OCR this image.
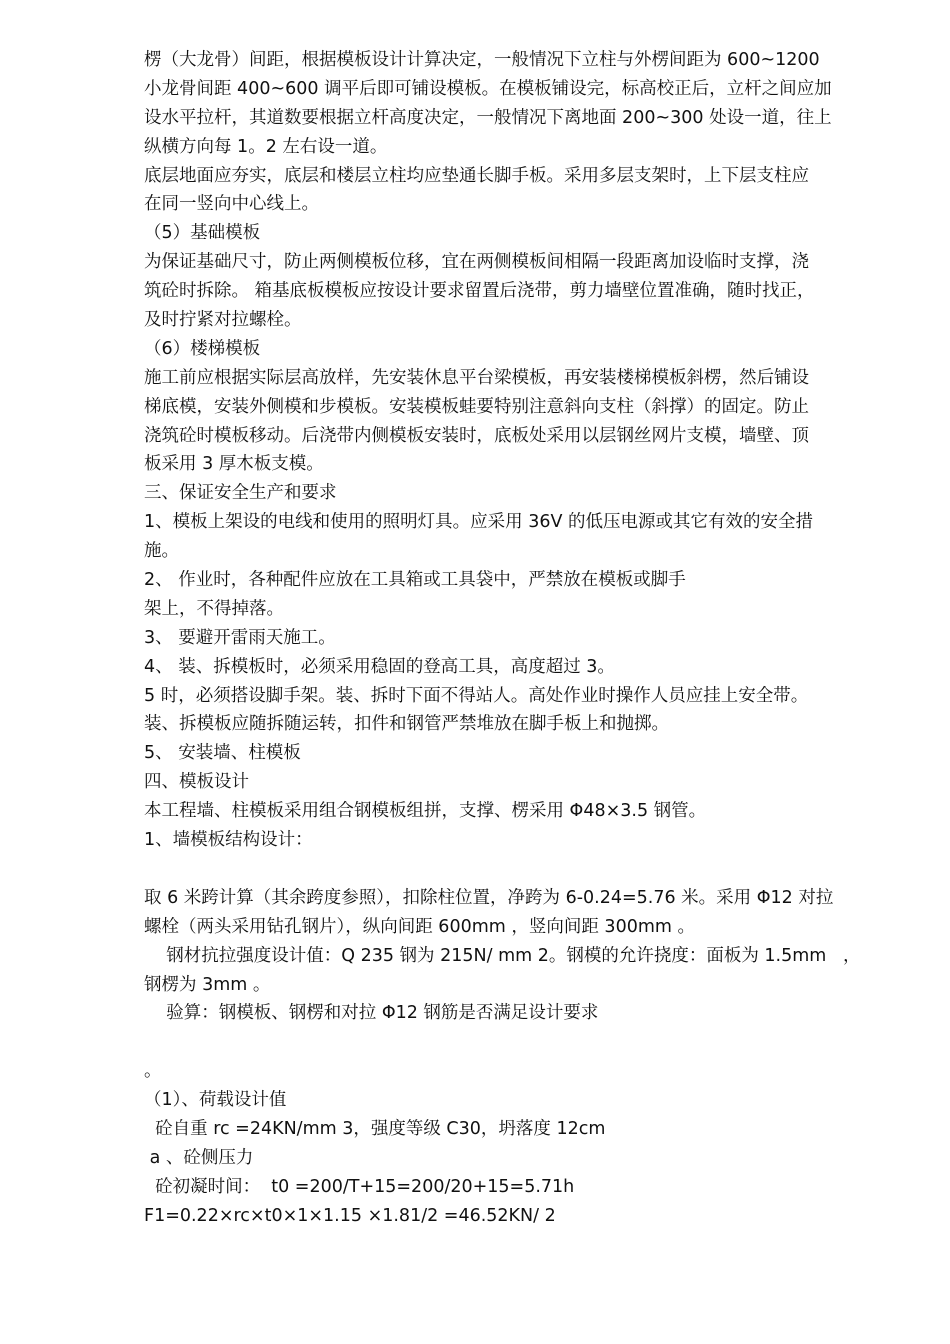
楞（大龙骨）间距，根据模板设计计算决定，一般情况下立柱与外楞间距为 600~1200
小龙骨间距 400~600 调平后即可铺设模板。在模板铺设完，标高校正后，立杆之间应加
设水平拉杆，其道数要根据立杆高度决定，一般情况下离地面 200~300 处设一道，往上
纵横方向每 1。2 左右设一道。
底层地面应夯实，底层和楼层立柱均应垫通长脚手板。采用多层支架时，上下层支柱应
在同一竖向中心线上。
（5）基础模板
为保证基础尺寸，防止两侧模板位移，宜在两侧模板间相隔一段距离加设临时支撑，浇
筑砼时拆除。 箱基底板模板应按设计要求留置后浇带，剪力墙壁位置准确，随时找正，
及时拧紧对拉螺栓。
（6）楼梯模板
施工前应根据实际层高放样，先安装休息平台梁模板，再安装楼梯模板斜楞，然后铺设
梯底模，安装外侧模和步模板。安装模板蛙要特别注意斜向支柱（斜撑）的固定。防止
浇筑砼时模板移动。后浇带内侧模板安装时，底板处采用以层钢丝网片支模，墙壁、顶
板采用 3 厚木板支模。
三、保证安全生产和要求
1、模板上架设的电线和使用的照明灯具。应采用 36V 的低压电源或其它有效的安全措
施。
2、 作业时，各种配件应放在工具箱或工具袋中，严禁放在模板或脚手
架上，不得掉落。
3、 要避开雷雨天施工。
4、 装、拆模板时，必须采用稳固的登高工具，高度超过 3。
5 时，必须搭设脚手架。装、拆时下面不得站人。高处作业时操作人员应挂上安全带。
装、拆模板应随拆随运转，扣件和钢管严禁堆放在脚手板上和抛掷。
5、 安装墙、柱模板
四、模板设计
本工程墙、柱模板采用组合钢模板组拼，支撑、楞采用 Φ48×3.5 钢管。
1、墙模板结构设计：
取 6 米跨计算（其余跨度参照），扣除柱位置，净跨为 6-0.24=5.76 米。采用 Φ12 对拉
螺栓（两头采用钻孔钢片），纵向间距 600mm ，竖向间距 300mm 。
钢材抗拉强度设计值：Q 235 钢为 215N/ mm 2。钢模的允许挠度：面板为 1.5mm   ，
钢楞为 3mm 。
验算：钢模板、钢楞和对拉 Φ12 钢筋是否满足设计要求
。
（1）、荷载设计值
砼自重 rc =24KN/mm 3，强度等级 C30，坍落度 12cm
a 、砼侧压力
砼初凝时间：  t0 =200/T+15=200/20+15=5.71h
F1=0.22×rc×t0×1×1.15 ×1.81/2 =46.52KN/ 2
